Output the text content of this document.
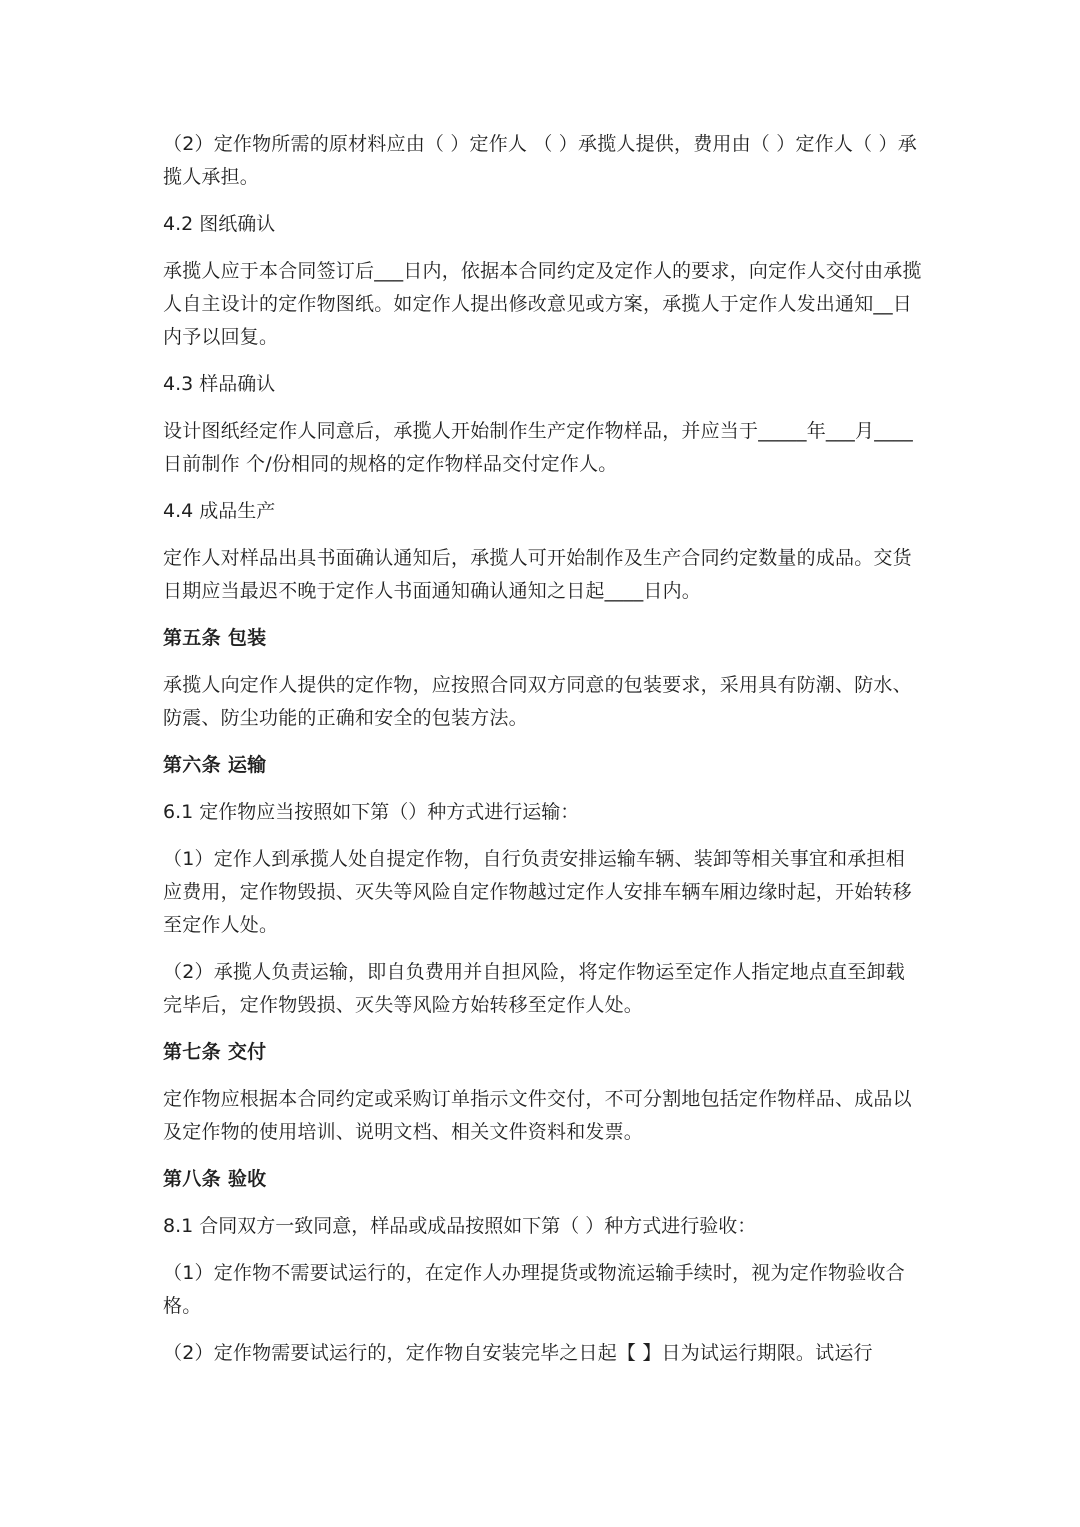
（2）定作物所需的原材料应由（ ）定作人 （ ）承揽人提供，费用由（ ）定作人（ ）承揽人承担。

4.2 图纸确认

承揽人应于本合同签订后___日内，依据本合同约定及定作人的要求，向定作人交付由承揽人自主设计的定作物图纸。如定作人提出修改意见或方案，承揽人于定作人发出通知__日内予以回复。

4.3 样品确认

设计图纸经定作人同意后，承揽人开始制作生产定作物样品，并应当于_____年___月____日前制作 个/份相同的规格的定作物样品交付定作人。

4.4 成品生产

定作人对样品出具书面确认通知后，承揽人可开始制作及生产合同约定数量的成品。交货日期应当最迟不晚于定作人书面通知确认通知之日起____日内。

第五条 包装

承揽人向定作人提供的定作物，应按照合同双方同意的包装要求，采用具有防潮、防水、防震、防尘功能的正确和安全的包装方法。

第六条 运输

6.1 定作物应当按照如下第（）种方式进行运输：

（1）定作人到承揽人处自提定作物，自行负责安排运输车辆、装卸等相关事宜和承担相应费用，定作物毁损、灭失等风险自定作物越过定作人安排车辆车厢边缘时起，开始转移至定作人处。

（2）承揽人负责运输，即自负费用并自担风险，将定作物运至定作人指定地点直至卸载完毕后，定作物毁损、灭失等风险方始转移至定作人处。

第七条 交付

定作物应根据本合同约定或采购订单指示文件交付，不可分割地包括定作物样品、成品以及定作物的使用培训、说明文档、相关文件资料和发票。

第八条 验收

8.1 合同双方一致同意，样品或成品按照如下第（ ）种方式进行验收：

（1）定作物不需要试运行的，在定作人办理提货或物流运输手续时，视为定作物验收合格。

（2）定作物需要试运行的，定作物自安装完毕之日起【 】日为试运行期限。试运行
